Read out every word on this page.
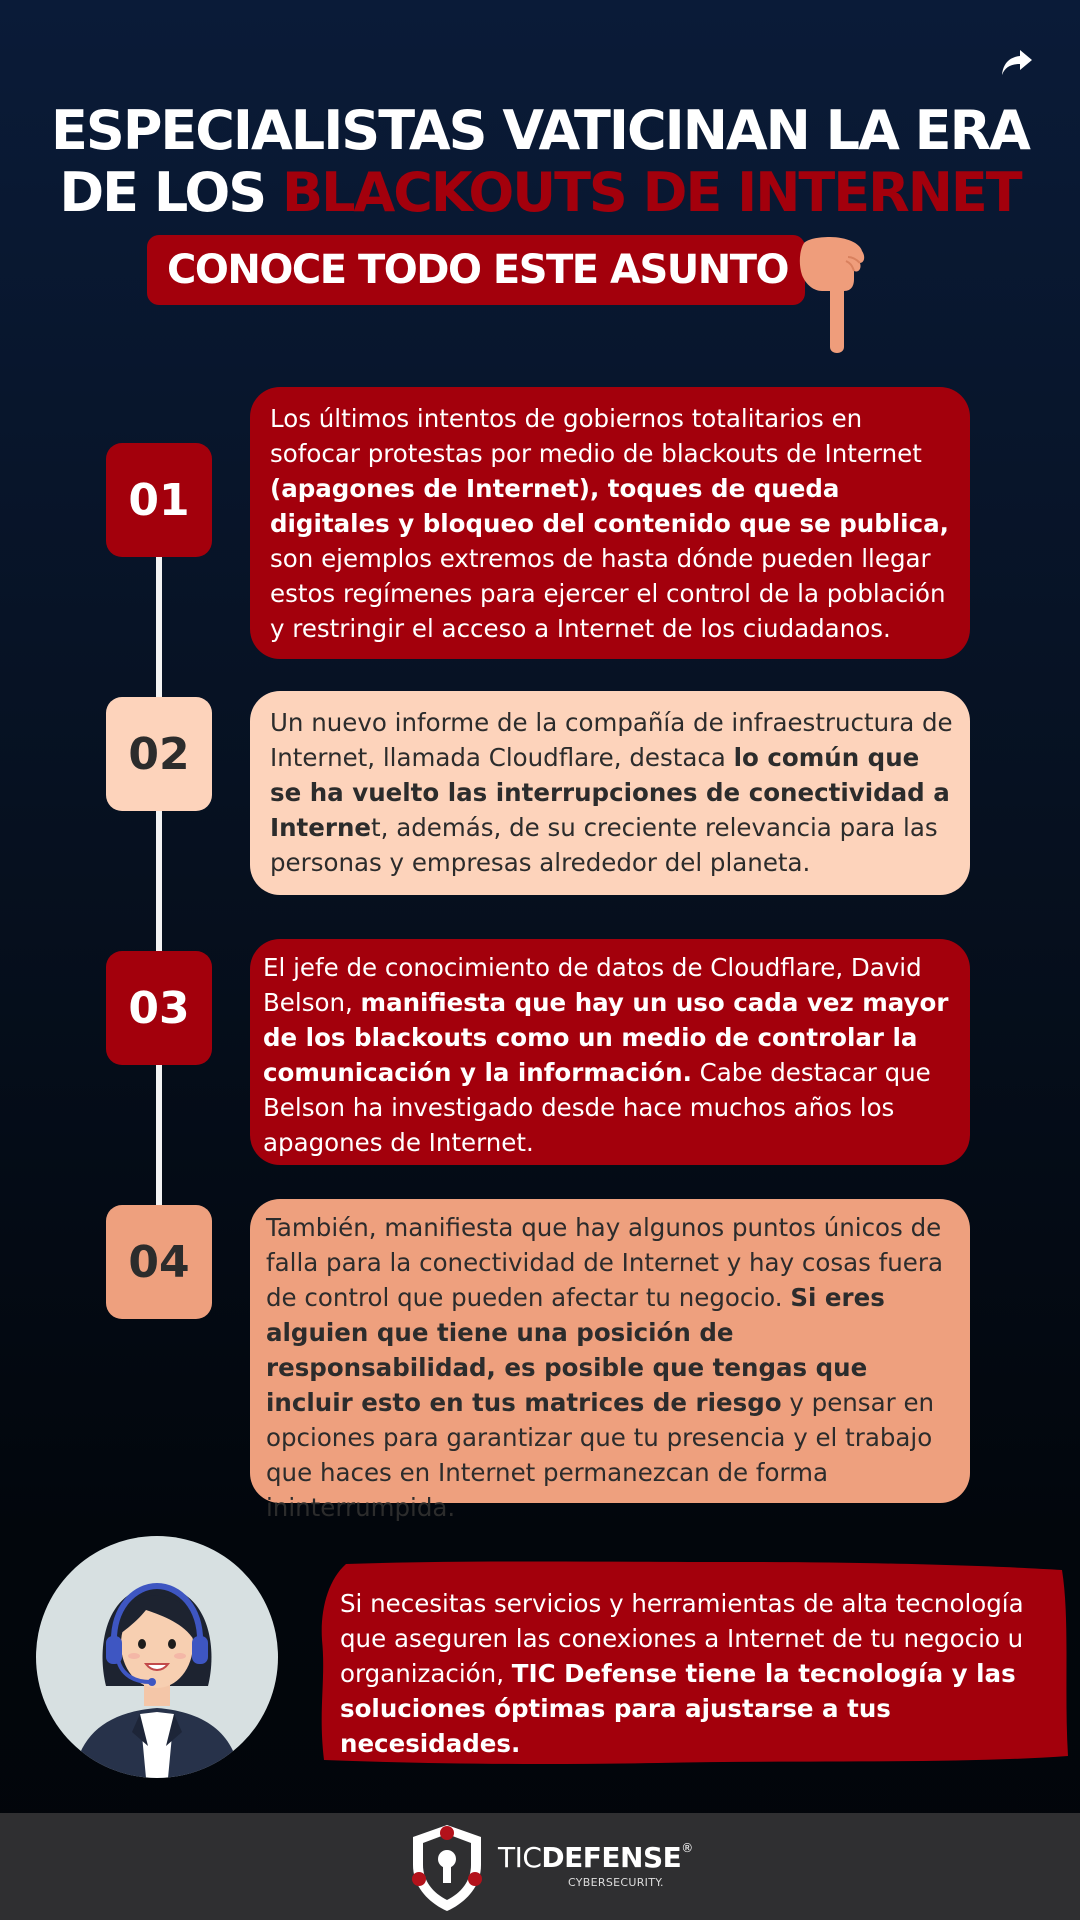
ESPECIALISTAS VATICINAN LA ERA
DE LOS BLACKOUTS DE INTERNET
CONOCE TODO ESTE ASUNTO
01
Los últimos intentos de gobiernos totalitarios en sofocar protestas por medio de blackouts de Internet (apagones de Internet), toques de queda digitales y bloqueo del contenido que se publica, son ejemplos extremos de hasta dónde pueden llegar estos regímenes para ejercer el control de la población y restringir el acceso a Internet de los ciudadanos.
02
Un nuevo informe de la compañía de infraestructura de Internet, llamada Cloudflare, destaca lo común que se ha vuelto las interrupciones de conectividad a Internet, además, de su creciente relevancia para las personas y empresas alrededor del planeta.
03
El jefe de conocimiento de datos de Cloudflare, David Belson, manifiesta que hay un uso cada vez mayor de los blackouts como un medio de controlar la comunicación y la información. Cabe destacar que Belson ha investigado desde hace muchos años los apagones de Internet.
04
También, manifiesta que hay algunos puntos únicos de falla para la conectividad de Internet y hay cosas fuera de control que pueden afectar tu negocio. Si eres alguien que tiene una posición de responsabilidad, es posible que tengas que incluir esto en tus matrices de riesgo y pensar en opciones para garantizar que tu presencia y el trabajo que haces en Internet permanezcan de forma ininterrumpida.
Si necesitas servicios y herramientas de alta tecnología que aseguren las conexiones a Internet de tu negocio u organización, TIC Defense tiene la tecnología y las soluciones óptimas para ajustarse a tus necesidades.
TICDEFENSE®
CYBERSECURITY.
